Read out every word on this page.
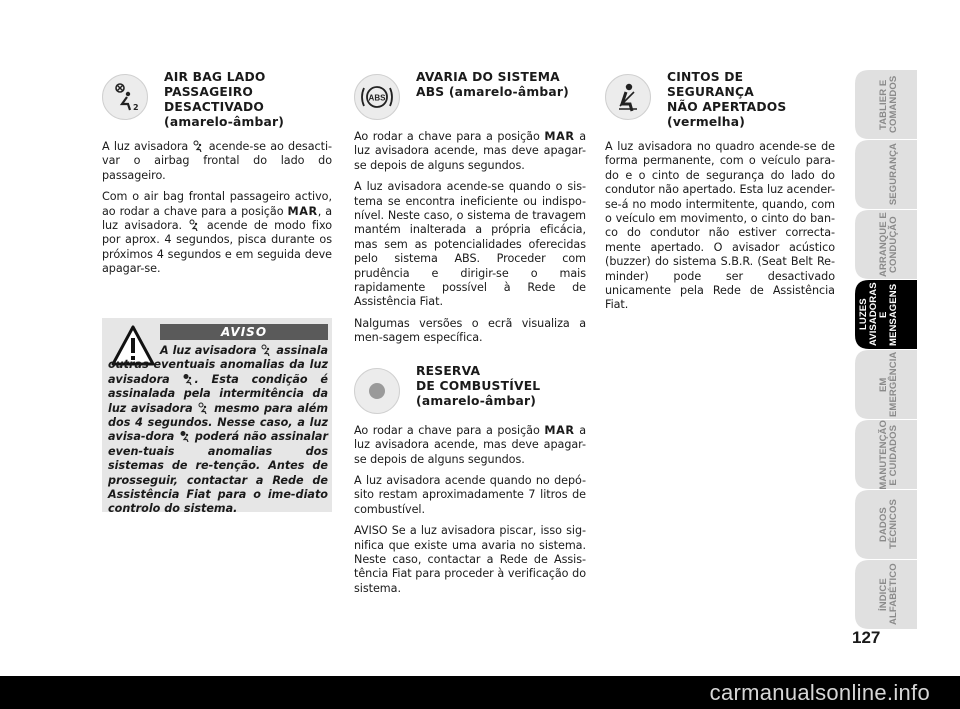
2
AIR BAG LADO
PASSAGEIRO
DESACTIVADO
(amarelo-âmbar)

A luz avisadora acende-se ao desacti-var o airbag frontal do lado do passageiro.

Com o air bag frontal passageiro activo, ao rodar a chave para a posição MAR, a luz avisadora. acende de modo fixo por aprox. 4 segundos, pisca durante os próximos 4 segundos e em seguida deve apagar-se.

AVISO
A luz avisadora assinala outras eventuais anomalias da luz avisadora . Esta condição é assinalada pela intermitência da luz avisadora mesmo para além dos 4 segundos. Nesse caso, a luz avisa-dora poderá não assinalar even-tuais anomalias dos sistemas de re-tenção. Antes de prosseguir, contactar a Rede de Assistência Fiat para o ime-diato controlo do sistema.
ABS
AVARIA DO SISTEMA
ABS (amarelo-âmbar)

Ao rodar a chave para a posição MAR a luz avisadora acende, mas deve apagar-se depois de alguns segundos.

A luz avisadora acende-se quando o sis-tema se encontra ineficiente ou indispo-nível. Neste caso, o sistema de travagem mantém inalterada a própria eficácia, mas sem as potencialidades oferecidas pelo sistema ABS. Proceder com prudência e dirigir-se o mais rapidamente possível à Rede de Assistência Fiat.

Nalgumas versões o ecrã visualiza a men-sagem específica.

RESERVA
DE COMBUSTÍVEL
(amarelo-âmbar)

Ao rodar a chave para a posição MAR a luz avisadora acende, mas deve apagar-se depois de alguns segundos.

A luz avisadora acende quando no depó-sito restam aproximadamente 7 litros de combustível.

AVISO Se a luz avisadora piscar, isso sig-nifica que existe uma avaria no sistema. Neste caso, contactar a Rede de Assis-tência Fiat para proceder à verificação do sistema.

CINTOS DE
SEGURANÇA
NÃO APERTADOS
(vermelha)

A luz avisadora no quadro acende-se de forma permanente, com o veículo para-do e o cinto de segurança do lado do condutor não apertado. Esta luz acender-se-á no modo intermitente, quando, com o veículo em movimento, o cinto do ban-co do condutor não estiver correcta-mente apertado. O avisador acústico (buzzer) do sistema S.B.R. (Seat Belt Re-minder) pode ser desactivado unicamente pela Rede de Assistência Fiat.

TABLIER E COMANDOS
SEGURANÇA
ARRANQUE E CONDUÇÃO
LUZES AVISADORAS E MENSAGENS
EM EMERGÊNCIA
MANUTENÇÃO E CUIDADOS
DADOS TÉCNICOS
ÍNDICE ALFABÉTICO
127
carmanualsonline.info
